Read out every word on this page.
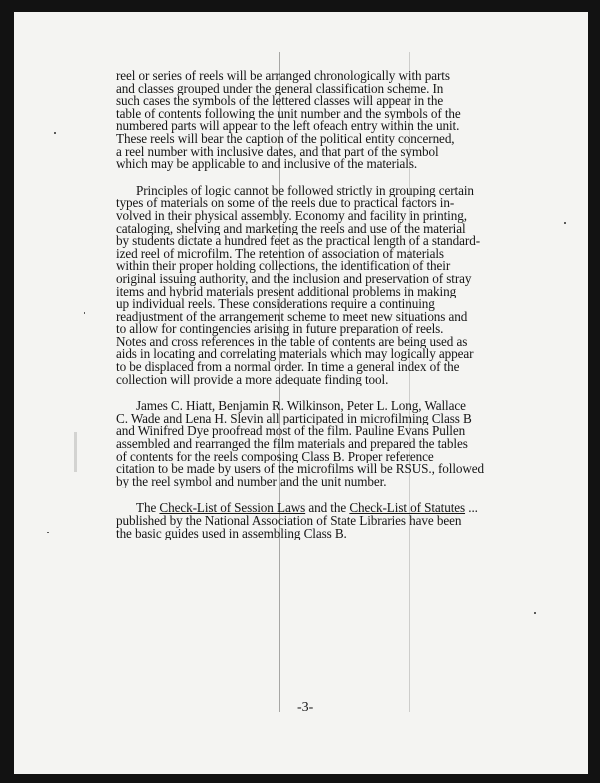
reel or series of reels will be arranged chronologically with parts
and classes grouped under the general classification scheme. In
such cases the symbols of the lettered classes will appear in the
table of contents following the unit number and the symbols of the
numbered parts will appear to the left ofeach entry within the unit.
These reels will bear the caption of the political entity concerned,
a reel number with inclusive dates, and that part of the symbol
which may be applicable to and inclusive of the materials.

Principles of logic cannot be followed strictly in grouping certain
types of materials on some of the reels due to practical factors in-
volved in their physical assembly. Economy and facility in printing,
cataloging, shelving and marketing the reels and use of the material
by students dictate a hundred feet as the practical length of a standard-
ized reel of microfilm. The retention of association of materials
within their proper holding collections, the identification of their
original issuing authority, and the inclusion and preservation of stray
items and hybrid materials present additional problems in making
up individual reels. These considerations require a continuing
readjustment of the arrangement scheme to meet new situations and
to allow for contingencies arising in future preparation of reels.
Notes and cross references in the table of contents are being used as
aids in locating and correlating materials which may logically appear
to be displaced from a normal order. In time a general index of the
collection will provide a more adequate finding tool.

James C. Hiatt, Benjamin R. Wilkinson, Peter L. Long, Wallace
C. Wade and Lena H. Slevin all participated in microfilming Class B
and Winifred Dye proofread most of the film. Pauline Evans Pullen
assembled and rearranged the film materials and prepared the tables
of contents for the reels composing Class B. Proper reference
citation to be made by users of the microfilms will be RSUS., followed
by the reel symbol and number and the unit number.

The Check-List of Session Laws and the Check-List of Statutes ...
published by the National Association of State Libraries have been
the basic guides used in assembling Class B.

-3-
